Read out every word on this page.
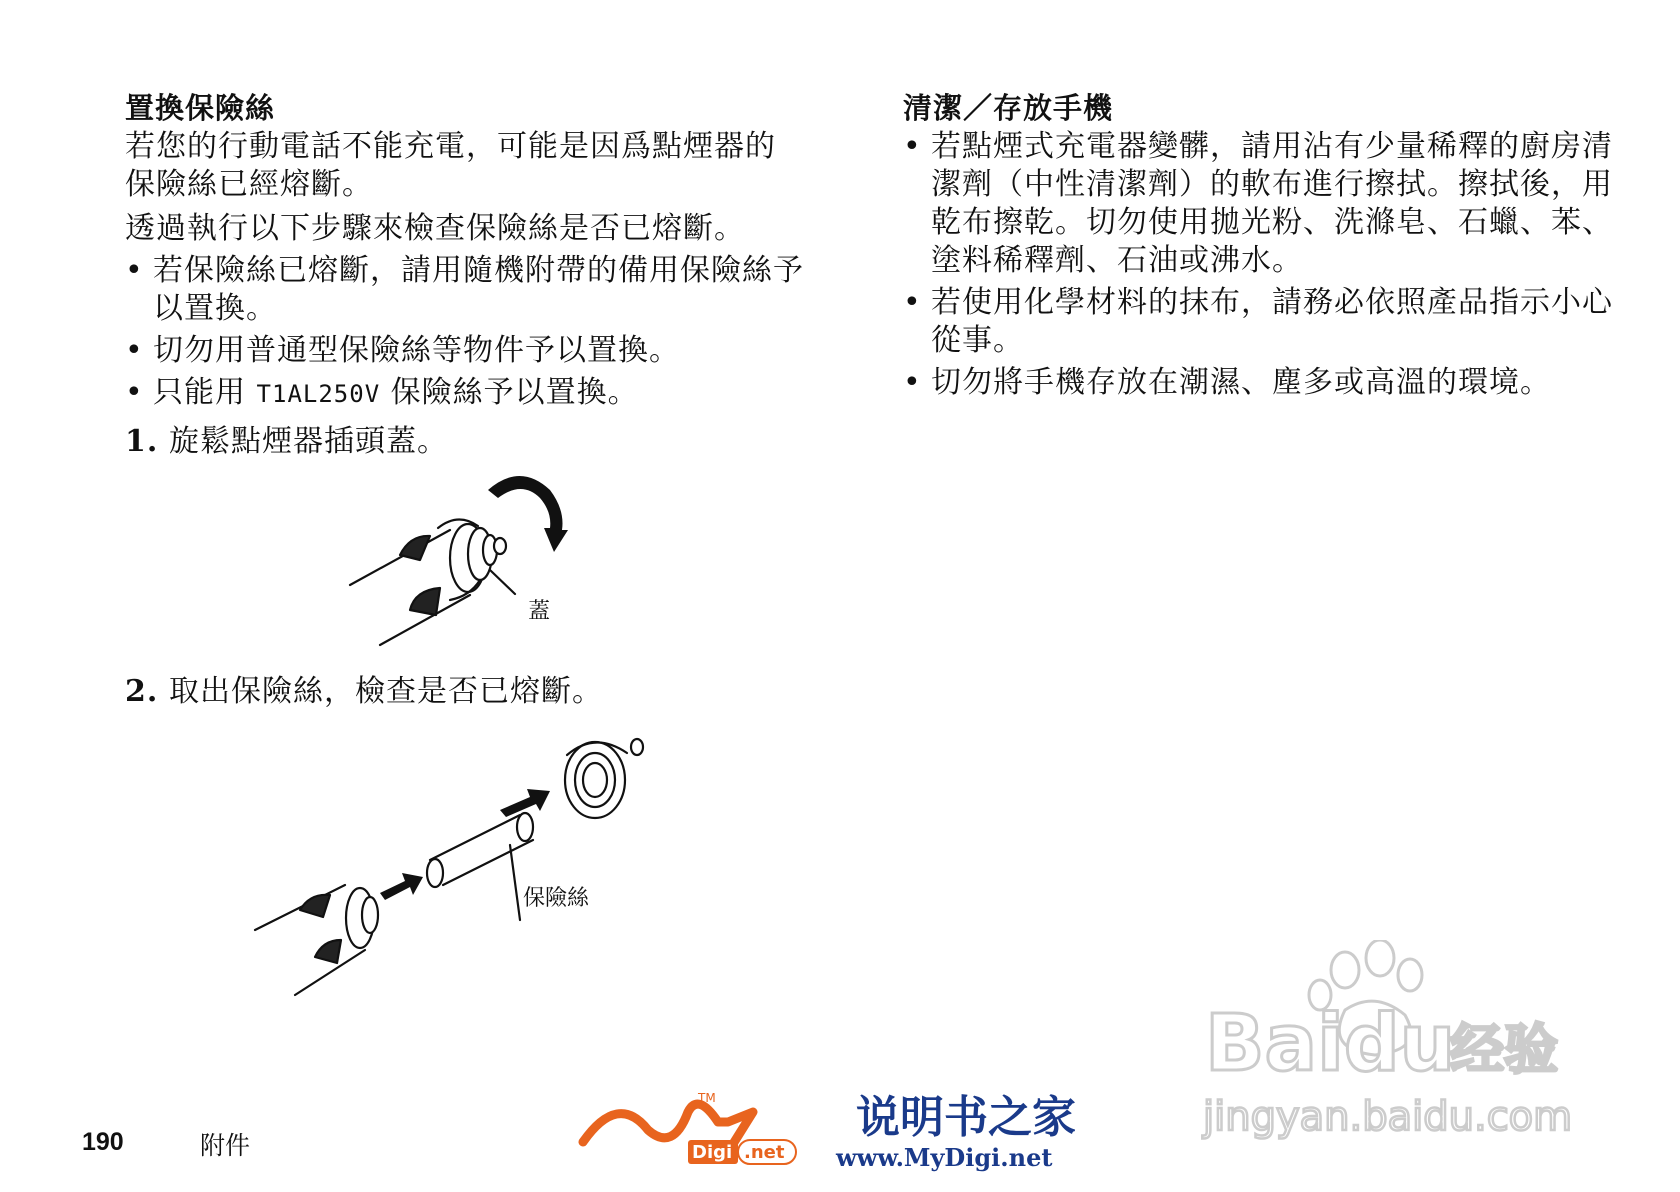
置換保險絲

若您的行動電話不能充電，可能是因爲點煙器的保險絲已經熔斷。

透過執行以下步驟來檢查保險絲是否已熔斷。

• 若保險絲已熔斷，請用隨機附帶的備用保險絲予以置換。
• 切勿用普通型保險絲等物件予以置換。
• 只能用 T1AL250V 保險絲予以置換。
1. 旋鬆點煙器插頭蓋。
蓋
2. 取出保險絲，檢查是否已熔斷。
保險絲
清潔／存放手機
• 若點煙式充電器變髒，請用沾有少量稀釋的廚房清潔劑（中性清潔劑）的軟布進行擦拭。擦拭後，用乾布擦乾。切勿使用拋光粉、洗滌皂、石蠟、苯、塗料稀釋劑、石油或沸水。
• 若使用化學材料的抹布，請務必依照產品指示小心從事。
• 切勿將手機存放在潮濕、塵多或高溫的環境。
190	附件
TM
Digi .net
说明书之家
www.MyDigi.net
Baidu
经验
jingyan.baidu.com
